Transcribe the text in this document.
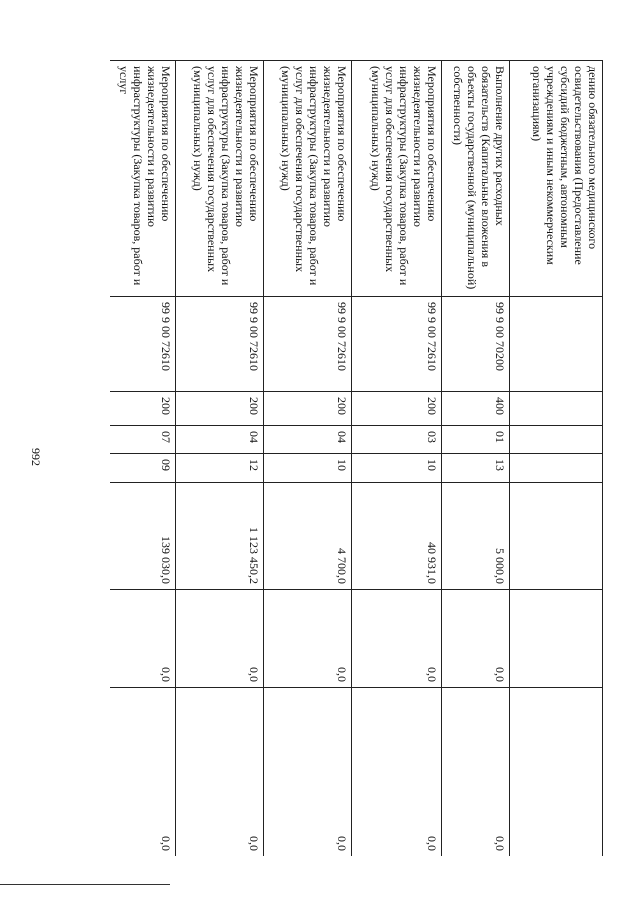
992
дению обязательного медицинского освидетельствования (Предоставление субсидий бюджетным, автономным учреждениям и иным некоммерческим организациям)							
Выполнение других расходных обязательств (Капитальные вложения в объекты государственной (муниципальной) собственности)	99 9 00 70200	400	01	13	5 000,0	0,0	0,0
Мероприятия по обеспечению жизнедеятельности и развитию инфраструктуры (Закупка товаров, работ и услуг для обеспечения государственных (муниципальных) нужд)	99 9 00 72610	200	03	10	40 931,0	0,0	0,0
Мероприятия по обеспечению жизнедеятельности и развитию инфраструктуры (Закупка товаров, работ и услуг для обеспечения государственных (муниципальных) нужд)	99 9 00 72610	200	04	10	4 700,0	0,0	0,0
Мероприятия по обеспечению жизнедеятельности и развитию инфраструктуры (Закупка товаров, работ и услуг для обеспечения государственных (муниципальных) нужд)	99 9 00 72610	200	04	12	1 123 450,2	0,0	0,0
Мероприятия по обеспечению жизнедеятельности и развитию инфраструктуры (Закупка товаров, работ и услуг	99 9 00 72610	200	07	09	139 030,0	0,0	0,0
